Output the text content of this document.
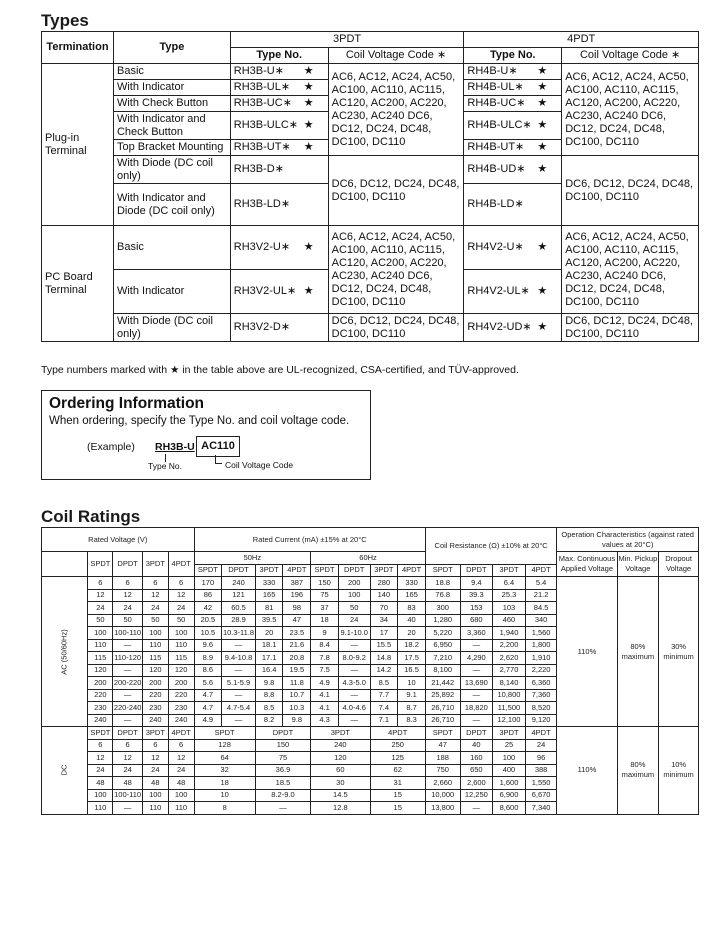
Types
Termination	Type	3PDT		4PDT	
		Type No.	Coil Voltage Code ∗	Type No.	Coil Voltage Code ∗
Plug-in Terminal	Basic	RH3B-U∗ ★	AC6, AC12, AC24, AC50, AC100, AC110, AC115, AC120, AC200, AC220, AC230, AC240 DC6, DC12, DC24, DC48, DC100, DC110	RH4B-U∗ ★	AC6, AC12, AC24, AC50, AC100, AC110, AC115, AC120, AC200, AC220, AC230, AC240 DC6, DC12, DC24, DC48, DC100, DC110
	With Indicator	RH3B-UL∗ ★		RH4B-UL∗ ★	

	With Check Button	RH3B-UC∗ ★		RH4B-UC∗ ★	

	With Indicator and Check Button	RH3B-ULC∗ ★		RH4B-ULC∗ ★	

	Top Bracket Mounting	RH3B-UT∗ ★		RH4B-UT∗ ★	

	With Diode (DC coil only)	RH3B-D∗	DC6, DC12, DC24, DC48, DC100, DC110	RH4B-UD∗ ★	DC6, DC12, DC24, DC48, DC100, DC110
	With Indicator and Diode (DC coil only)	RH3B-LD∗		RH4B-LD∗	
PC Board Terminal	Basic	RH3V2-U∗ ★	AC6, AC12, AC24, AC50, AC100, AC110, AC115, AC120, AC200, AC220, AC230, AC240 DC6, DC12, DC24, DC48, DC100, DC110	RH4V2-U∗ ★	AC6, AC12, AC24, AC50, AC100, AC110, AC115, AC120, AC200, AC220, AC230, AC240 DC6, DC12, DC24, DC48, DC100, DC110
	With Indicator	RH3V2-UL∗ ★		RH4V2-UL∗ ★	

	With Diode (DC coil only)	RH3V2-D∗	DC6, DC12, DC24, DC48, DC100, DC110	RH4V2-UD∗ ★	DC6, DC12, DC24, DC48, DC100, DC110
Type numbers marked with ★ in the table above are UL-recognized, CSA-certified, and TÜV-approved.
Ordering Information
When ordering, specify the Type No. and coil voltage code.
(Example) RH3B-U AC110
Type No.	Coil Voltage Code
Coil Ratings
Rated Voltage (V)					Rated Current (mA) ±15% at 20°C								Coil Resistance (Ω) ±10% at 20°C				Operation Characteristics (against rated values at 20°C)		
	SPDT	DPDT	3PDT	4PDT	50Hz				60Hz								Max. Continuous Applied Voltage	Min. Pickup Voltage	Dropout Voltage
					SPDT	DPDT	3PDT	4PDT	SPDT	DPDT	3PDT	4PDT	SPDT	DPDT	3PDT	4PDT			
AC (50/60Hz)	6	6	6	6	170	240	330	387	150	200	280	330	18.8	9.4	6.4	5.4	110%	80% maximum	30% minimum
	12	12	12	12	86	121	165	196	75	100	140	165	76.8	39.3	25.3	21.2			
	24	24	24	24	42	60.5	81	98	37	50	70	83	300	153	103	84.5			
	50	50	50	50	20.5	28.9	39.5	47	18	24	34	40	1,280	680	460	340			
	100	100-110	100	100	10.5	10.3-11.8	20	23.5	9	9.1-10.0	17	20	5,220	3,360	1,940	1,560			
	110	—	110	110	9.6	—	18.1	21.6	8.4	—	15.5	18.2	6,950	—	2,200	1,800			
	115	110-120	115	115	8.9	9.4-10.8	17.1	20.8	7.8	8.0-9.2	14.8	17.5	7,210	4,290	2,620	1,910			
	120	—	120	120	8.6	—	16.4	19.5	7.5	—	14.2	16.5	8,100	—	2,770	2,220			
	200	200-220	200	200	5.6	5.1-5.9	9.8	11.8	4.9	4.3-5.0	8.5	10	21,442	13,690	8,140	6,360			
	220	—	220	220	4.7	—	8.8	10.7	4.1	—	7.7	9.1	25,892	—	10,800	7,360			
	230	220-240	230	230	4.7	4.7-5.4	8.5	10.3	4.1	4.0-4.6	7.4	8.7	26,710	18,820	11,500	8,520			
	240	—	240	240	4.9	—	8.2	9.8	4.3	—	7.1	8.3	26,710	—	12,100	9,120			
DC	SPDT	DPDT	3PDT	4PDT	SPDT		DPDT		3PDT		4PDT		SPDT	DPDT	3PDT	4PDT	110%	80% maximum	10% minimum
	6	6	6	6	128		150		240		250		47	40	25	24			
	12	12	12	12	64		75		120		125		188	160	100	96			
	24	24	24	24	32		36.9		60		62		750	650	400	388			
	48	48	48	48	18		18.5		30		31		2,660	2,600	1,600	1,550			
	100	100-110	100	100	10		8.2-9.0		14.5		15		10,000	12,250	6,900	6,670			
	110	—	110	110	8		—		12.8		15		13,800	—	8,600	7,340			
